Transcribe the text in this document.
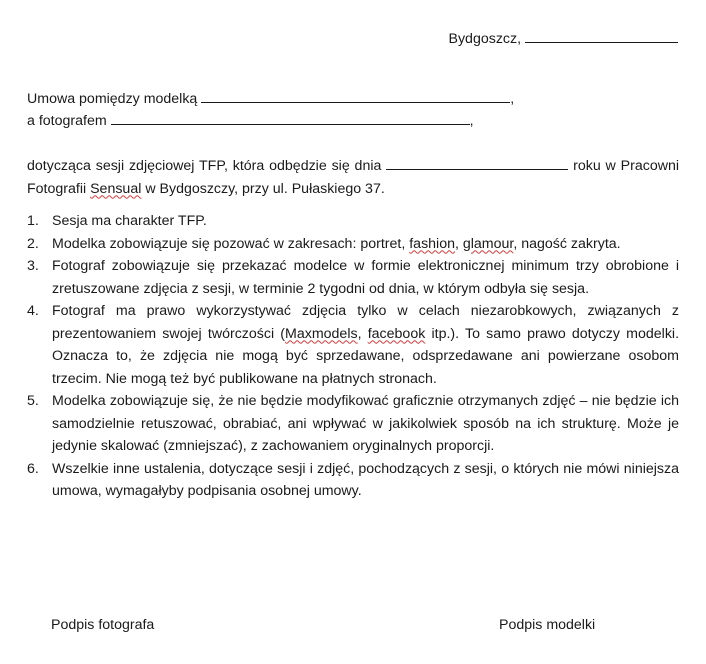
Bydgoszcz,
Umowa pomiędzy modelką	,
a fotografem	,
dotycząca sesji zdjęciowej TFP, która odbędzie się dnia	roku w Pracowni
Fotografii Sensual w Bydgoszczy, przy ul. Pułaskiego 37.
1. Sesja ma charakter TFP.
2. Modelka zobowiązuje się pozować w zakresach: portret, fashion, glamour, nagość zakryta.
3. Fotograf zobowiązuje się przekazać modelce w formie elektronicznej minimum trzy obrobione i zretuszowane zdjęcia z sesji, w terminie 2 tygodni od dnia, w którym odbyła się sesja.
4. Fotograf ma prawo wykorzystywać zdjęcia tylko w celach niezarobkowych, związanych z prezentowaniem swojej twórczości (Maxmodels, facebook itp.). To samo prawo dotyczy modelki. Oznacza to, że zdjęcia nie mogą być sprzedawane, odsprzedawane ani powierzane osobom trzecim. Nie mogą też być publikowane na płatnych stronach.
5. Modelka zobowiązuje się, że nie będzie modyfikować graficznie otrzymanych zdjęć – nie będzie ich samodzielnie retuszować, obrabiać, ani wpływać w jakikolwiek sposób na ich strukturę. Może je jedynie skalować (zmniejszać), z zachowaniem oryginalnych proporcji.
6. Wszelkie inne ustalenia, dotyczące sesji i zdjęć, pochodzących z sesji, o których nie mówi niniejsza umowa, wymagałyby podpisania osobnej umowy.
Podpis fotografa	Podpis modelki
